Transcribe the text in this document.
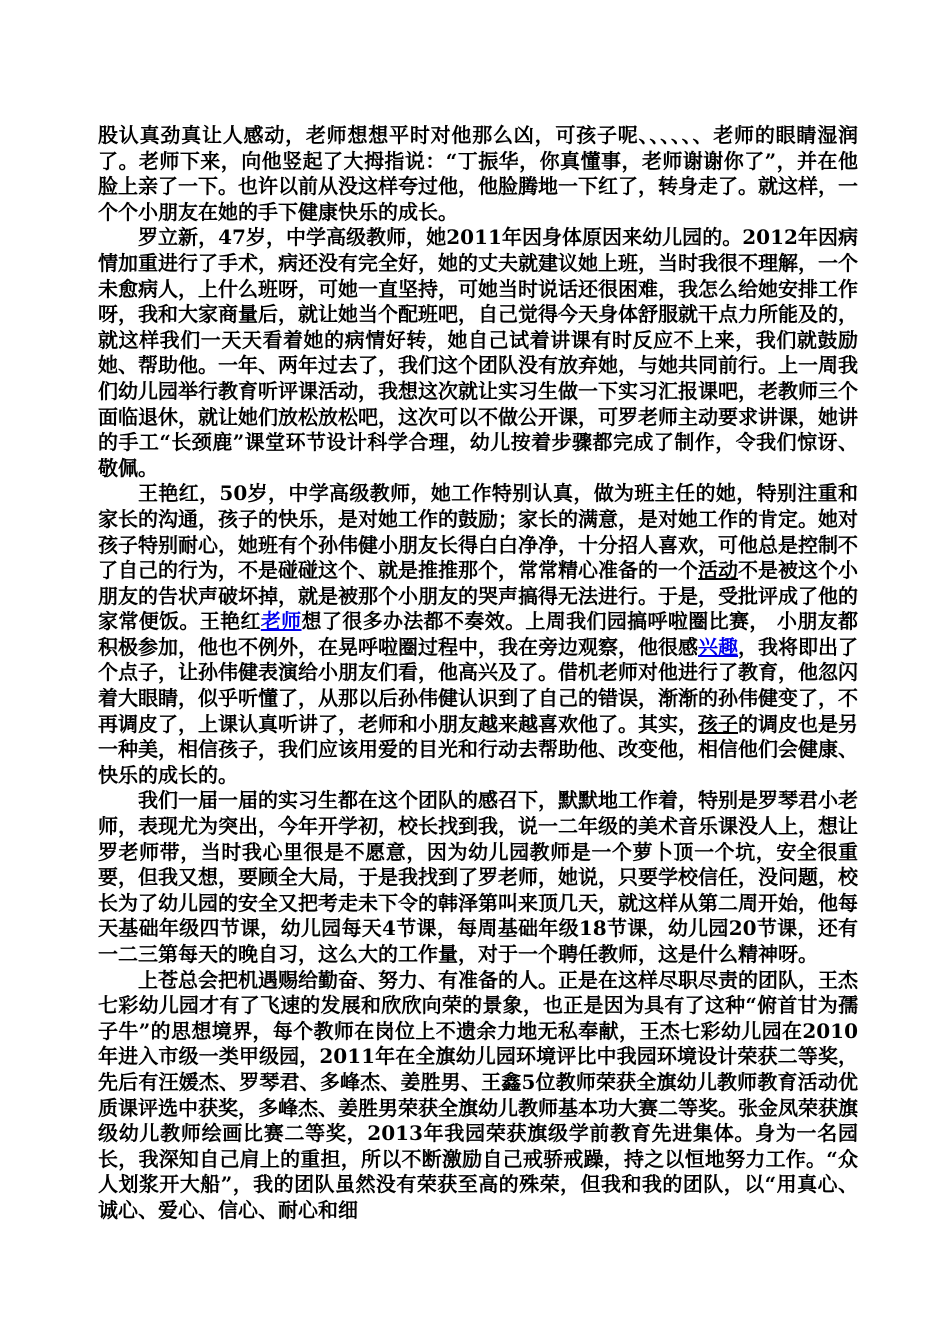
股认真劲真让人感动，老师想想平时对他那么凶，可孩子呢、、、、、、老师的眼睛湿润了。老师下来，向他竖起了大拇指说：“丁振华，你真懂事，老师谢谢你了”，并在他脸上亲了一下。也许以前从没这样夸过他，他脸腾地一下红了，转身走了。就这样，一个个小朋友在她的手下健康快乐的成长。

罗立新，47岁，中学高级教师，她2011年因身体原因来幼儿园的。2012年因病情加重进行了手术，病还没有完全好，她的丈夫就建议她上班，当时我很不理解，一个未愈病人，上什么班呀，可她一直坚持，可她当时说话还很困难，我怎么给她安排工作呀，我和大家商量后，就让她当个配班吧，自己觉得今天身体舒服就干点力所能及的，就这样我们一天天看着她的病情好转，她自己试着讲课有时反应不上来，我们就鼓励她、帮助他。一年、两年过去了，我们这个团队没有放弃她，与她共同前行。上一周我们幼儿园举行教育听评课活动，我想这次就让实习生做一下实习汇报课吧，老教师三个面临退休，就让她们放松放松吧，这次可以不做公开课，可罗老师主动要求讲课，她讲的手工“长颈鹿”课堂环节设计科学合理，幼儿按着步骤都完成了制作，令我们惊讶、敬佩。

王艳红，50岁，中学高级教师，她工作特别认真，做为班主任的她，特别注重和家长的沟通，孩子的快乐，是对她工作的鼓励；家长的满意，是对她工作的肯定。她对孩子特别耐心，她班有个孙伟健小朋友长得白白净净，十分招人喜欢，可他总是控制不了自己的行为，不是碰碰这个、就是推推那个，常常精心准备的一个活动不是被这个小朋友的告状声破坏掉，就是被那个小朋友的哭声搞得无法进行。于是，受批评成了他的家常便饭。王艳红老师想了很多办法都不奏效。上周我们园搞呼啦圈比赛， 小朋友都积极参加，他也不例外，在晃呼啦圈过程中，我在旁边观察，他很感兴趣，我将即出了个点子，让孙伟健表演给小朋友们看，他高兴及了。借机老师对他进行了教育，他忽闪着大眼睛，似乎听懂了，从那以后孙伟健认识到了自己的错误，渐渐的孙伟健变了，不再调皮了，上课认真听讲了，老师和小朋友越来越喜欢他了。其实，孩子的调皮也是另一种美，相信孩子，我们应该用爱的目光和行动去帮助他、改变他，相信他们会健康、快乐的成长的。

我们一届一届的实习生都在这个团队的感召下，默默地工作着，特别是罗琴君小老师，表现尤为突出，今年开学初，校长找到我，说一二年级的美术音乐课没人上，想让罗老师带，当时我心里很是不愿意，因为幼儿园教师是一个萝卜顶一个坑，安全很重要，但我又想，要顾全大局，于是我找到了罗老师，她说，只要学校信任，没问题，校长为了幼儿园的安全又把考走未下令的韩泽第叫来顶几天，就这样从第二周开始，他每天基础年级四节课，幼儿园每天4节课，每周基础年级18节课，幼儿园20节课，还有一二三第每天的晚自习，这么大的工作量，对于一个聘任教师，这是什么精神呀。

上苍总会把机遇赐给勤奋、努力、有准备的人。正是在这样尽职尽责的团队，王杰七彩幼儿园才有了飞速的发展和欣欣向荣的景象，也正是因为具有了这种“俯首甘为孺子牛”的思想境界，每个教师在岗位上不遗余力地无私奉献，王杰七彩幼儿园在2010年进入市级一类甲级园，2011年在全旗幼儿园环境评比中我园环境设计荣获二等奖，先后有汪媛杰、罗琴君、多峰杰、姜胜男、王鑫5位教师荣获全旗幼儿教师教育活动优质课评选中获奖，多峰杰、姜胜男荣获全旗幼儿教师基本功大赛二等奖。张金凤荣获旗级幼儿教师绘画比赛二等奖，2013年我园荣获旗级学前教育先进集体。身为一名园长，我深知自己肩上的重担，所以不断激励自己戒骄戒躁，持之以恒地努力工作。“众人划浆开大船”，我的团队虽然没有荣获至高的殊荣，但我和我的团队，以“用真心、诚心、爱心、信心、耐心和细
